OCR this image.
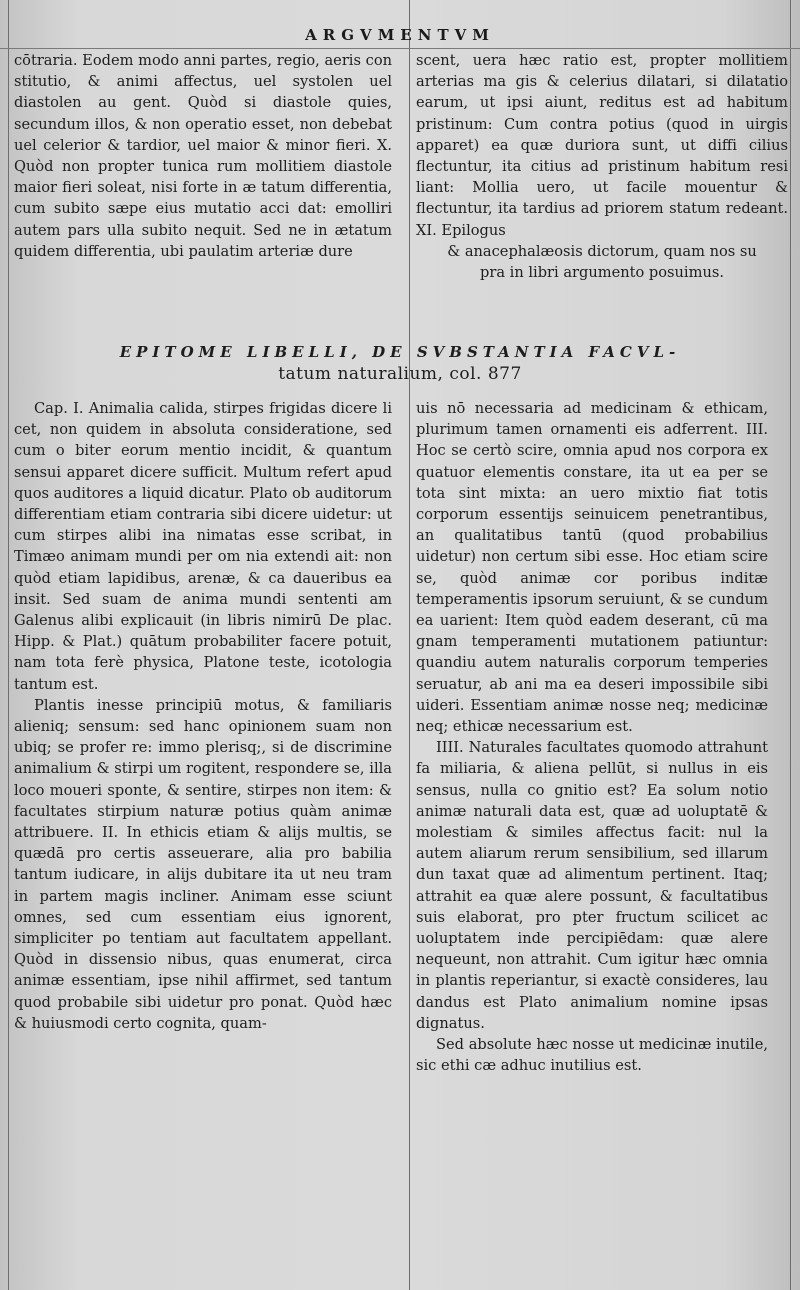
ARGVMENTVM

cōtraria. Eodem modo anni partes, regio, aeris con stitutio, & animi affectus, uel systolen uel diastolen au gent. Quòd si diastole quies, secundum illos, & non operatio esset, non debebat uel celerior & tardior, uel maior & minor fieri. X. Quòd non propter tunica rum mollitiem diastole maior fieri soleat, nisi forte in æ tatum differentia, cum subito sæpe eius mutatio acci dat: emolliri autem pars ulla subito nequit. Sed ne in ætatum quidem differentia, ubi paulatim arteriæ dure

scent, uera hæc ratio est, propter mollitiem arterias ma gis & celerius dilatari, si dilatatio earum, ut ipsi aiunt, reditus est ad habitum pristinum: Cum contra potius (quod in uirgis apparet) ea quæ duriora sunt, ut diffi cilius flectuntur, ita citius ad pristinum habitum resi liant: Mollia uero, ut facile mouentur & flectuntur, ita tardius ad priorem statum redeant. XI. Epilogus

& anacephalæosis dictorum, quam nos su

pra in libri argumento posuimus.

EPITOME LIBELLI, DE SVBSTANTIA FACVL-
tatum naturalium, col. 877

Cap. I. Animalia calida, stirpes frigidas dicere li cet, non quidem in absoluta consideratione, sed cum o biter eorum mentio incidit, & quantum sensui apparet dicere sufficit. Multum refert apud quos auditores a liquid dicatur. Plato ob auditorum differentiam etiam contraria sibi dicere uidetur: ut cum stirpes alibi ina nimatas esse scribat, in Timæo animam mundi per om nia extendi ait: non quòd etiam lapidibus, arenæ, & ca daueribus ea insit. Sed suam de anima mundi sententi am Galenus alibi explicauit (in libris nimirū De plac. Hipp. & Plat.) quātum probabiliter facere potuit, nam tota ferè physica, Platone teste, icotologia tantum est.

Plantis inesse principiū motus, & familiaris alieniq; sensum: sed hanc opinionem suam non ubiq; se profer re: immo plerisq;, si de discrimine animalium & stirpi um rogitent, respondere se, illa loco moueri sponte, & sentire, stirpes non item: & facultates stirpium naturæ potius quàm animæ attribuere. II. In ethicis etiam & alijs multis, se quædā pro certis asseuerare, alia pro babilia tantum iudicare, in alijs dubitare ita ut neu tram in partem magis incliner. Animam esse sciunt omnes, sed cum essentiam eius ignorent, simpliciter po tentiam aut facultatem appellant. Quòd in dissensio nibus, quas enumerat, circa animæ essentiam, ipse nihil affirmet, sed tantum quod probabile sibi uidetur pro ponat. Quòd hæc & huiusmodi certo cognita, quam-

uis nō necessaria ad medicinam & ethicam, plurimum tamen ornamenti eis adferrent. III. Hoc se certò scire, omnia apud nos corpora ex quatuor elementis constare, ita ut ea per se tota sint mixta: an uero mixtio fiat totis corporum essentijs seinuicem penetrantibus, an qualitatibus tantū (quod probabilius uidetur) non certum sibi esse. Hoc etiam scire se, quòd animæ cor poribus inditæ temperamentis ipsorum seruiunt, & se cundum ea uarient: Item quòd eadem deserant, cū ma gnam temperamenti mutationem patiuntur: quandiu autem naturalis corporum temperies seruatur, ab ani ma ea deseri impossibile sibi uideri. Essentiam animæ nosse neq; medicinæ neq; ethicæ necessarium est.

IIII. Naturales facultates quomodo attrahunt fa miliaria, & aliena pellūt, si nullus in eis sensus, nulla co gnitio est? Ea solum notio animæ naturali data est, quæ ad uoluptatē & molestiam & similes affectus facit: nul la autem aliarum rerum sensibilium, sed illarum dun taxat quæ ad alimentum pertinent. Itaq; attrahit ea quæ alere possunt, & facultatibus suis elaborat, pro pter fructum scilicet ac uoluptatem inde percipiēdam: quæ alere nequeunt, non attrahit. Cum igitur hæc omnia in plantis reperiantur, si exactè consideres, lau dandus est Plato animalium nomine ipsas dignatus.

Sed absolute hæc nosse ut medicinæ inutile, sic ethi cæ adhuc inutilius est.
